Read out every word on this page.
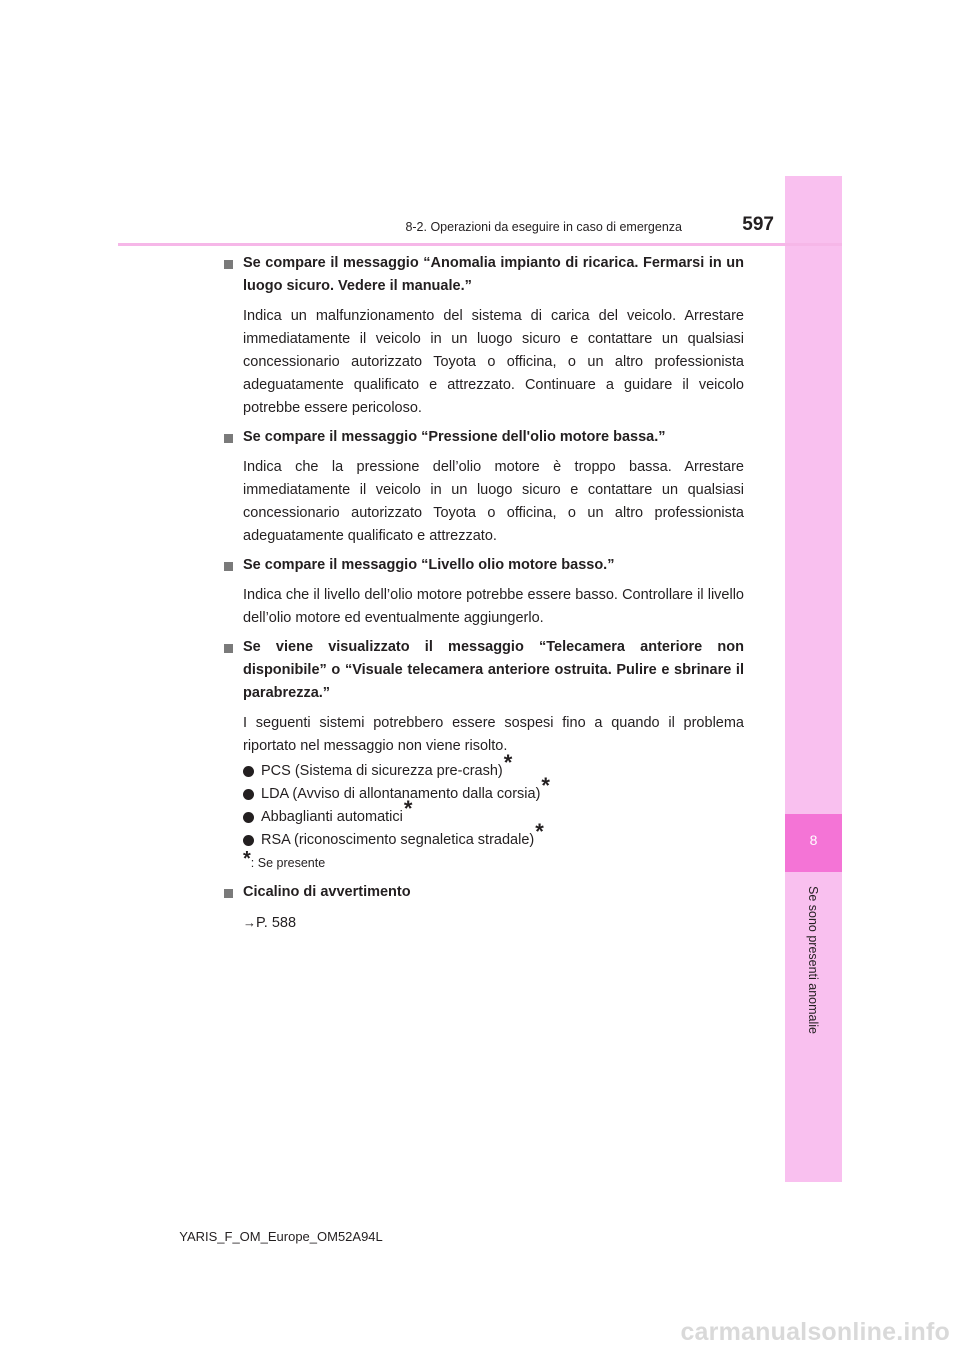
8
Se sono presenti anomalie
8-2. Operazioni da eseguire in caso di emergenza	597
Se compare il messaggio “Anomalia impianto di ricarica. Fermarsi in un luogo sicuro. Vedere il manuale.”

Indica un malfunzionamento del sistema di carica del veicolo. Arrestare immediatamente il veicolo in un luogo sicuro e contattare un qualsiasi concessionario autorizzato Toyota o officina, o un altro professionista adeguatamente qualificato e attrezzato. Continuare a guidare il veicolo potrebbe essere pericoloso.

Se compare il messaggio “Pressione dell'olio motore bassa.”

Indica che la pressione dell’olio motore è troppo bassa. Arrestare immediatamente il veicolo in un luogo sicuro e contattare un qualsiasi concessionario autorizzato Toyota o officina, o un altro professionista adeguatamente qualificato e attrezzato.

Se compare il messaggio “Livello olio motore basso.”

Indica che il livello dell’olio motore potrebbe essere basso. Controllare il livello dell’olio motore ed eventualmente aggiungerlo.

Se viene visualizzato il messaggio “Telecamera anteriore non disponibile” o “Visuale telecamera anteriore ostruita. Pulire e sbrinare il parabrezza.”

I seguenti sistemi potrebbero essere sospesi fino a quando il problema riportato nel messaggio non viene risolto.

PCS (Sistema di sicurezza pre-crash)*
LDA (Avviso di allontanamento dalla corsia)*
Abbaglianti automatici*
RSA (riconoscimento segnaletica stradale)*
*: Se presente
Cicalino di avvertimento
→P. 588
YARIS_F_OM_Europe_OM52A94L
carmanualsonline.info
